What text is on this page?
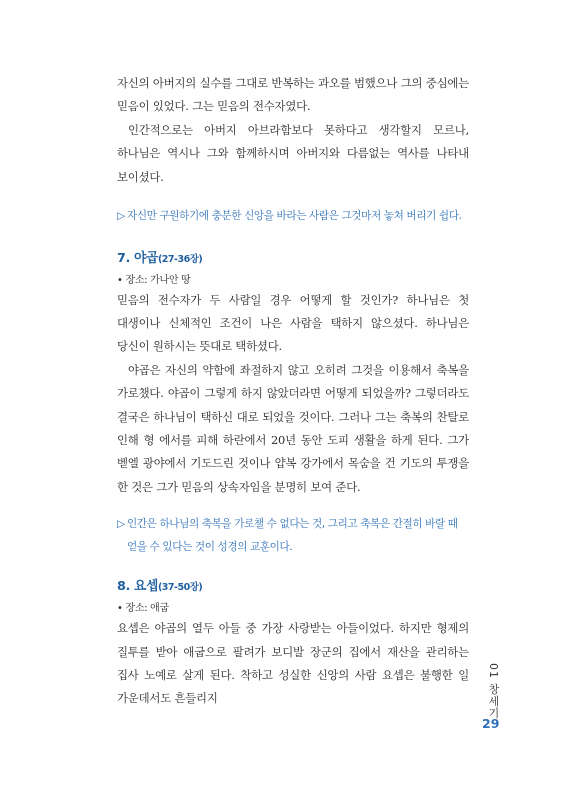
자신의 아버지의 실수를 그대로 반복하는 과오를 범했으나 그의 중심에는 믿음이 있었다. 그는 믿음의 전수자였다.

인간적으로는 아버지 아브라함보다 못하다고 생각할지 모르나, 하나님은 역시나 그와 함께하시며 아버지와 다름없는 역사를 나타내 보이셨다.

▷ 자신만 구원하기에 충분한 신앙을 바라는 사람은 그것마저 놓쳐 버리기 쉽다.

7. 야곱(27-36장)

• 장소: 가나안 땅

믿음의 전수자가 두 사람일 경우 어떻게 할 것인가? 하나님은 첫 대생이나 신체적인 조건이 나은 사람을 택하지 않으셨다. 하나님은 당신이 원하시는 뜻대로 택하셨다.

야곱은 자신의 약함에 좌절하지 않고 오히려 그것을 이용해서 축복을 가로챘다. 야곱이 그렇게 하지 않았더라면 어떻게 되었을까? 그렇더라도 결국은 하나님이 택하신 대로 되었을 것이다. 그러나 그는 축복의 찬탈로 인해 형 에서를 피해 하란에서 20년 동안 도피 생활을 하게 된다. 그가 벧엘 광야에서 기도드린 것이나 얍복 강가에서 목숨을 건 기도의 투쟁을 한 것은 그가 믿음의 상속자임을 분명히 보여 준다.

▷ 인간은 하나님의 축복을 가로챌 수 없다는 것, 그리고 축복은 간절히 바랄 때 얻을 수 있다는 것이 성경의 교훈이다.

8. 요셉(37-50장)

• 장소: 애굽

요셉은 야곱의 열두 아들 중 가장 사랑받는 아들이었다. 하지만 형제의 질투를 받아 애굽으로 팔려가 보디발 장군의 집에서 재산을 관리하는 집사 노예로 살게 된다. 착하고 성실한 신앙의 사람 요셉은 불행한 일 가운데서도 흔들리지	01 창세기
29
